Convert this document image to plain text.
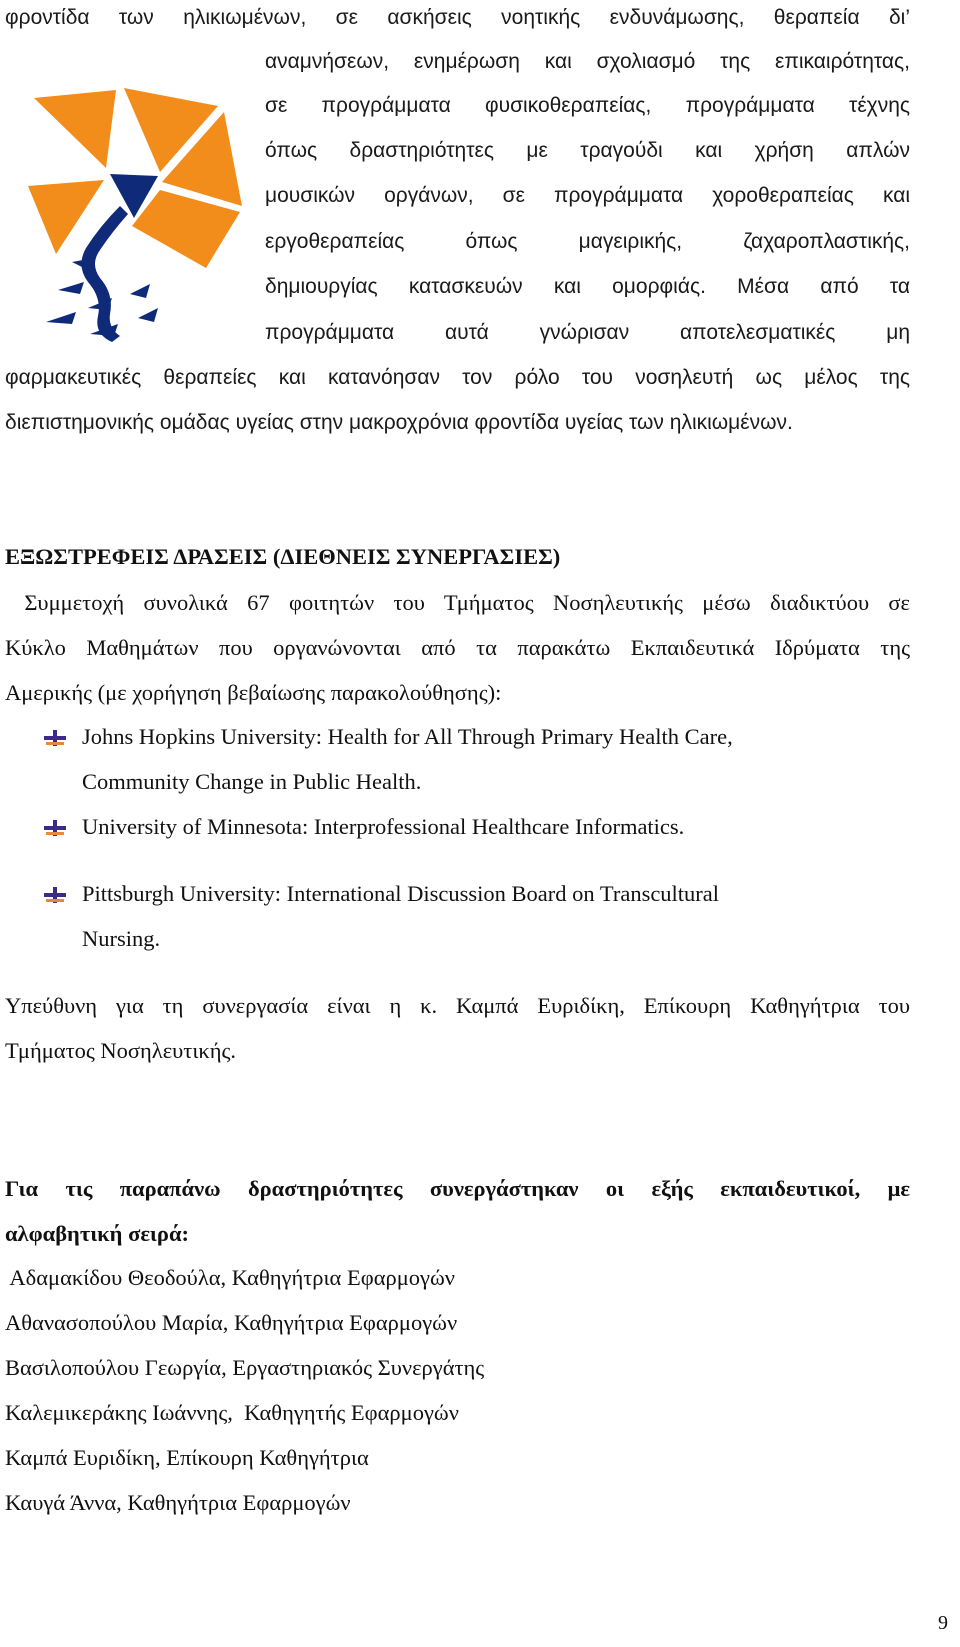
φροντίδα των ηλικιωμένων, σε ασκήσεις νοητικής ενδυνάμωσης, θεραπεία δι’
αναμνήσεων, ενημέρωση και σχολιασμό της επικαιρότητας,
σε προγράμματα φυσικοθεραπείας, προγράμματα τέχνης
όπως δραστηριότητες με τραγούδι και χρήση απλών
μουσικών οργάνων, σε προγράμματα χοροθεραπείας και
εργοθεραπείας όπως μαγειρικής, ζαχαροπλαστικής,
δημιουργίας κατασκευών και ομορφιάς. Μέσα από τα
προγράμματα αυτά γνώρισαν αποτελεσματικές μη
φαρμακευτικές θεραπείες και κατανόησαν τον ρόλο του νοσηλευτή ως μέλος της
διεπιστημονικής ομάδας υγείας στην μακροχρόνια φροντίδα υγείας των ηλικιωμένων.
ΕΞΩΣΤΡΕΦΕΙΣ ΔΡΑΣΕΙΣ (ΔΙΕΘΝΕΙΣ ΣΥΝΕΡΓΑΣΙΕΣ)
Συμμετοχή συνολικά 67 φοιτητών του Τμήματος Νοσηλευτικής μέσω διαδικτύου σε
Κύκλο Μαθημάτων που οργανώνονται από τα παρακάτω Εκπαιδευτικά Ιδρύματα της
Αμερικής (με χορήγηση βεβαίωσης παρακολούθησης):
Johns Hopkins University: Health for All Through Primary Health Care,
Community Change in Public Health.
University of Minnesota: Interprofessional Healthcare Informatics.
Pittsburgh University: International Discussion Board on Transcultural
Nursing.
Υπεύθυνη για τη συνεργασία είναι η κ. Καμπά Ευριδίκη, Επίκουρη Καθηγήτρια του
Τμήματος Νοσηλευτικής.
Για τις παραπάνω δραστηριότητες συνεργάστηκαν οι εξής εκπαιδευτικοί, με
αλφαβητική σειρά:
Αδαμακίδου Θεοδούλα, Καθηγήτρια Εφαρμογών
Αθανασοπούλου Μαρία, Καθηγήτρια Εφαρμογών
Βασιλοπούλου Γεωργία, Εργαστηριακός Συνεργάτης
Καλεμικεράκης Ιωάννης,  Καθηγητής Εφαρμογών
Καμπά Ευριδίκη, Επίκουρη Καθηγήτρια
Καυγά Άννα, Καθηγήτρια Εφαρμογών
9
